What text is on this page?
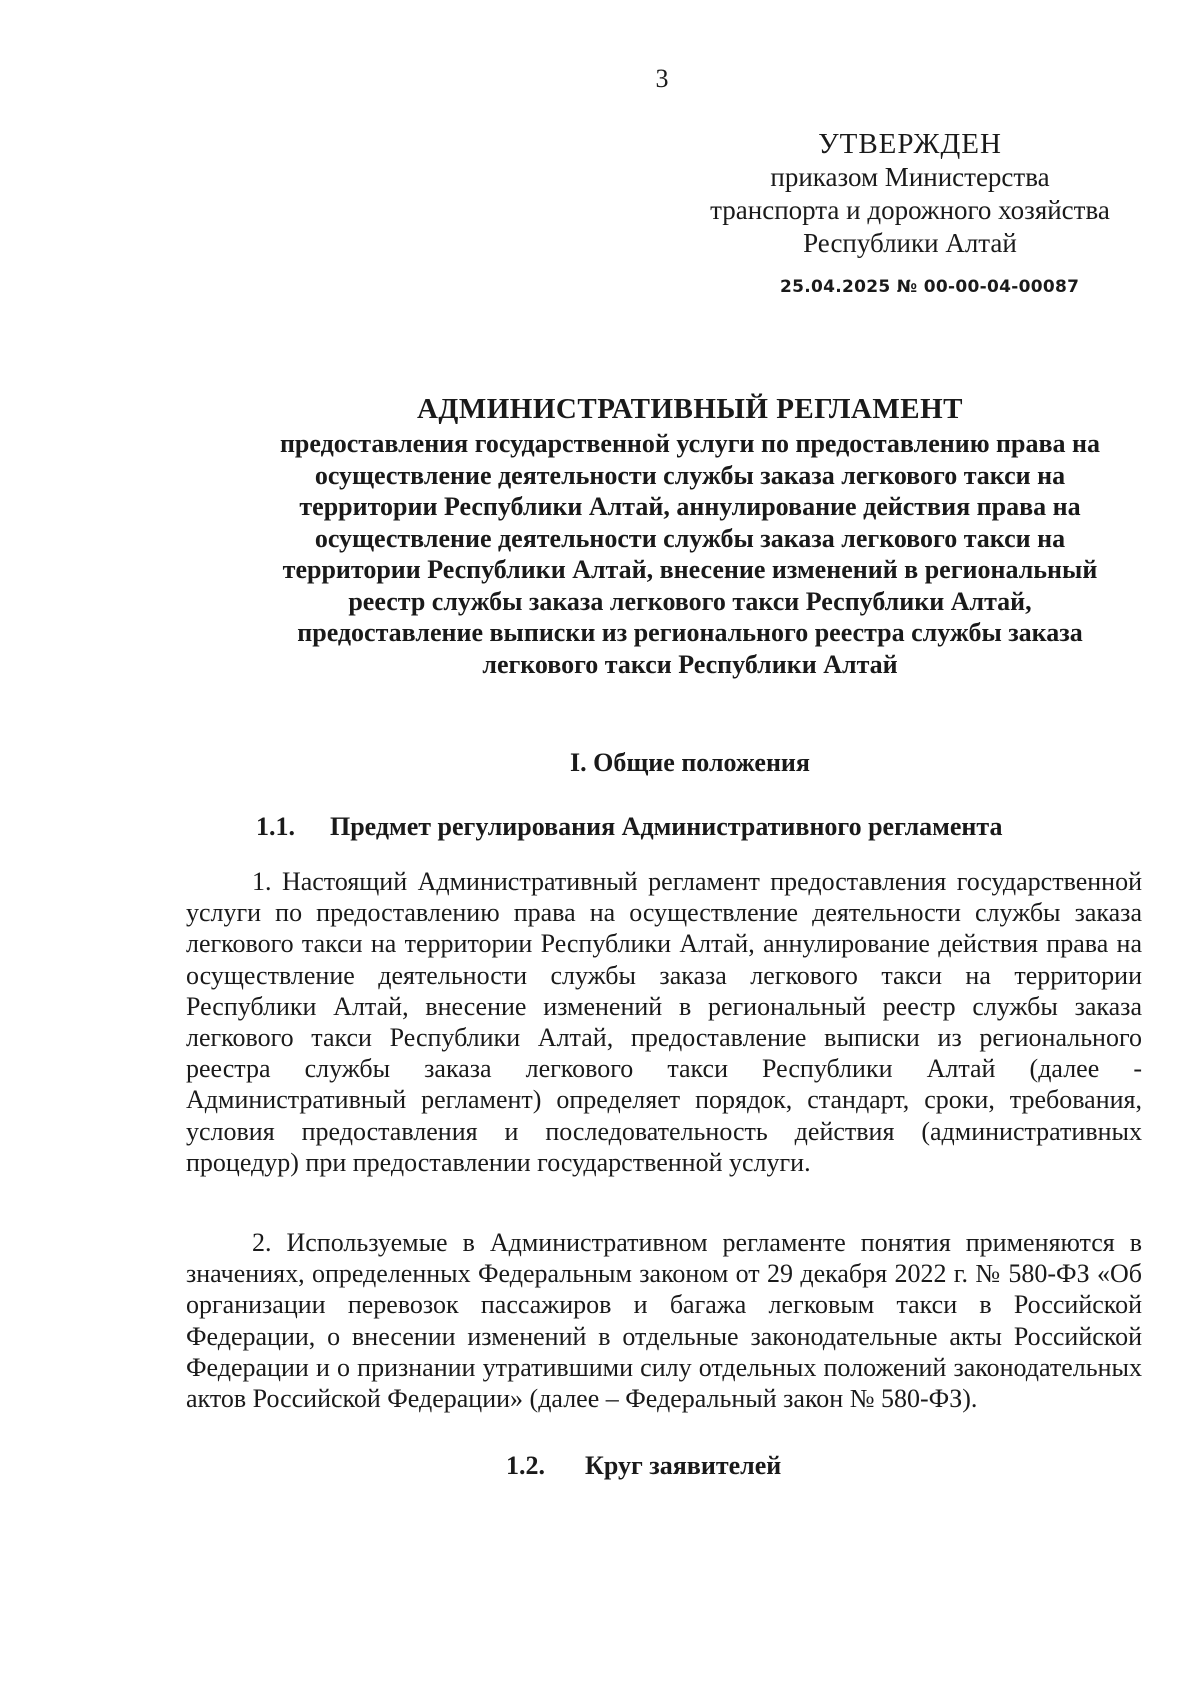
3
УТВЕРЖДЕН
приказом Министерства
транспорта и дорожного хозяйства
Республики Алтай
25.04.2025 № 00-00-04-00087
АДМИНИСТРАТИВНЫЙ РЕГЛАМЕНТ
предоставления государственной услуги по предоставлению права на
осуществление деятельности службы заказа легкового такси на
территории Республики Алтай, аннулирование действия права на
осуществление деятельности службы заказа легкового такси на
территории Республики Алтай, внесение изменений в региональный
реестр службы заказа легкового такси Республики Алтай,
предоставление выписки из регионального реестра службы заказа
легкового такси Республики Алтай
I. Общие положения
1.1. Предмет регулирования Административного регламента

1. Настоящий Административный регламент предоставления государственной услуги по предоставлению права на осуществление деятельности службы заказа легкового такси на территории Республики Алтай, аннулирование действия права на осуществление деятельности службы заказа легкового такси на территории Республики Алтай, внесение изменений в региональный реестр службы заказа легкового такси Республики Алтай, предоставление выписки из регионального реестра службы заказа легкового такси Республики Алтай (далее - Административный регламент) определяет порядок, стандарт, сроки, требования, условия предоставления и последовательность действия (административных процедур) при предоставлении государственной услуги.

2. Используемые в Административном регламенте понятия применяются в значениях, определенных Федеральным законом от 29 декабря 2022 г. № 580-ФЗ «Об организации перевозок пассажиров и багажа легковым такси в Российской Федерации, о внесении изменений в отдельные законодательные акты Российской Федерации и о признании утратившими силу отдельных положений законодательных актов Российской Федерации» (далее – Федеральный закон № 580-ФЗ).

1.2. Круг заявителей
